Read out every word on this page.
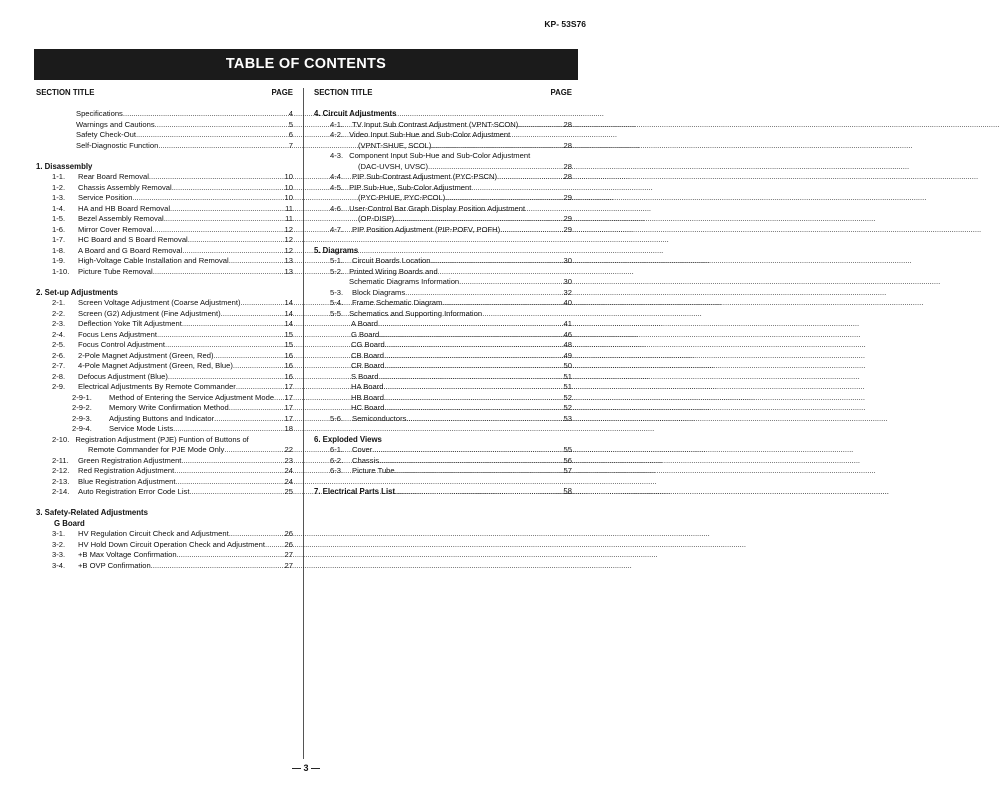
KP- 53S76
TABLE OF CONTENTS
SECTION TITLE	PAGE
Specifications .....	4
Warnings and Cautions .....	5
Safety Check-Out .....	6
Self-Diagnostic Function .....	7
1. Disassembly
1-1.	Rear Board Removal .....	10
1-2.	Chassis Assembly Removal .....	10
1-3.	Service Position .....	10
1-4.	HA and HB Board Removal .....	11
1-5.	Bezel Assembly Removal .....	11
1-6.	Mirror Cover Removal .....	12
1-7.	HC Board and S Board Removal .....	12
1-8.	A Board and G Board Removal .....	12
1-9.	High-Voltage Cable Installation and Removal .....	13
1-10.	Picture Tube Removal .....	13
2. Set-up Adjustments
2-1.	Screen Voltage Adjustment (Coarse Adjustment) .....	14
2-2.	Screen (G2) Adjustment (Fine Adjustment) .....	14
2-3.	Deflection Yoke Tilt Adjustment .....	14
2-4.	Focus Lens Adjustment .....	15
2-5.	Focus Control Adjustment .....	15
2-6.	2-Pole Magnet Adjustment (Green, Red) .....	16
2-7.	4-Pole Magnet Adjustment (Green, Red, Blue) .....	16
2-8.	Defocus Adjustment (Blue) .....	16
2-9.	Electrical Adjustments By Remote Commander .....	17
2-9-1.	Method of Entering the Service Adjustment Mode ..... 17
2-9-2.	Memory Write Confirmation Method .....	17
2-9-3.	Adjusting Buttons and Indicator .....	17
2-9-4.	Service Mode Lists .....	18
2-10. Registration Adjustment (PJE) Funtion of Buttons of
Remote Commander for PJE Mode Only .....	22
2-11.	Green Registration Adjustment .....	23
2-12.	Red Registration Adjustment .....	24
2-13.	Blue Registration Adjustment .....	24
2-14.	Auto Registration Error Code List .....	25
3. Safety-Related Adjustments
G Board
3-1.	HV Regulation Circuit Check and Adjustment .....	26
3-2.	HV Hold Down Circuit Operation Check and Adjustment .....	26
3-3.	+B Max Voltage Confirmation .....	27
3-4.	+B OVP Confirmation .....	27
SECTION TITLE	PAGE
4. Circuit Adjustments
4-1.	TV Input Sub Contrast Adjustment (VPNT-SCON) .....	28
4-2. Video Input Sub-Hue and Sub-Color Adjustment
(VPNT-SHUE, SCOL) .....	28
4-3. Component Input Sub-Hue and Sub-Color Adjustment
(DAC-UVSH, UVSC) .....	28
4-4.	PIP Sub-Contrast Adjustment (PYC-PSCN) .....	28
4-5. PIP Sub-Hue, Sub-Color Adjustment
(PYC-PHUE, PYC-PCOL) .....	29
4-6. User-Control Bar Graph Display Position Adjustment
(OP-DISP) .....	29
4-7.	PIP Position Adjustment (PIP-POFV, POFH) .....	29
5. Diagrams
5-1.	Circuit Boards Location .....	30
5-2. Printed Wiring Boards and
Schematic Diagrams Information .....	30
5-3.	Block Diagrams .....	32
5-4.	Frame Schematic Diagram .....	40
5-5. Schematics and Supporting Information
A Board .....	41
G Board .....	46
CG Board .....	48
CB Board .....	49
CR Board .....	50
S Board .....	51
HA Board .....	51
HB Board .....	52
HC Board .....	52
5-6.	Semiconductors .....	53
6. Exploded Views
6-1.	Cover .....	55
6-2.	Chassis .....	56
6-3.	Picture Tube .....	57
7. Electrical Parts List .....	58
— 3 —
